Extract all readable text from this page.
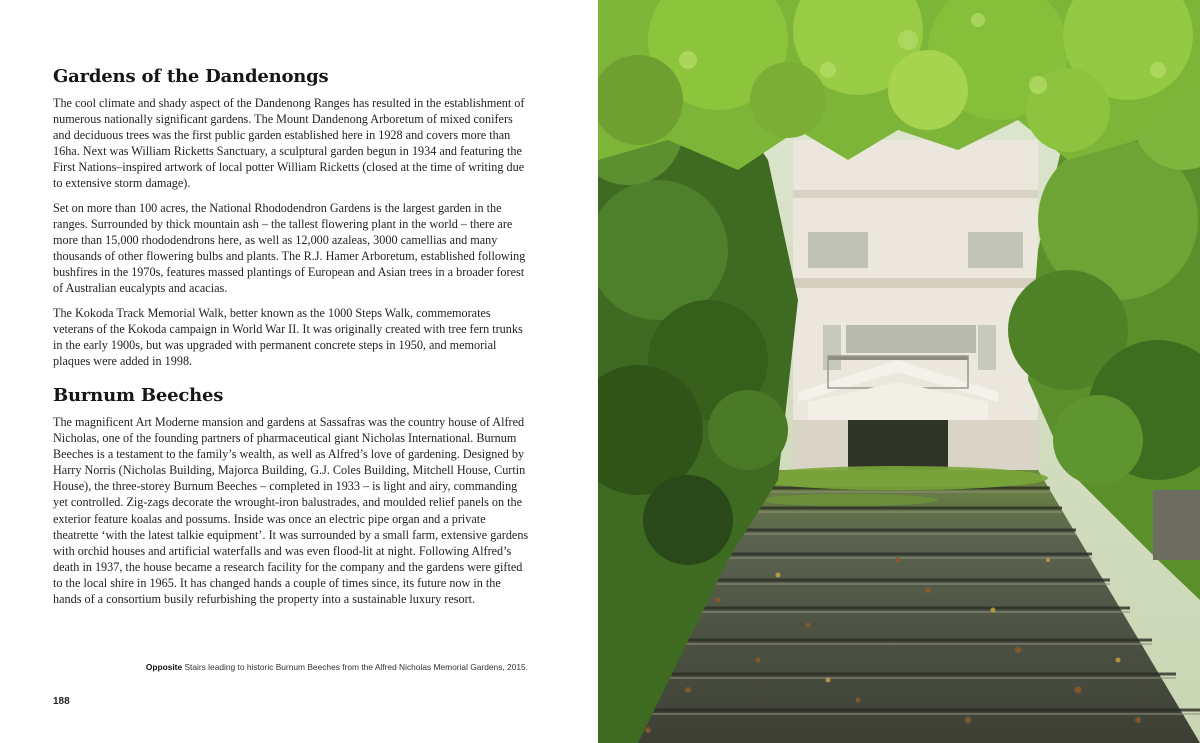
Gardens of the Dandenongs

The cool climate and shady aspect of the Dandenong Ranges has resulted in the establishment of numerous nationally significant gardens. The Mount Dandenong Arboretum of mixed conifers and deciduous trees was the first public garden established here in 1928 and covers more than 16ha. Next was William Ricketts Sanctuary, a sculptural garden begun in 1934 and featuring the First Nations–inspired artwork of local potter William Ricketts (closed at the time of writing due to extensive storm damage).

Set on more than 100 acres, the National Rhododendron Gardens is the largest garden in the ranges. Surrounded by thick mountain ash – the tallest flowering plant in the world – there are more than 15,000 rhododendrons here, as well as 12,000 azaleas, 3000 camellias and many thousands of other flowering bulbs and plants. The R.J. Hamer Arboretum, established following bushfires in the 1970s, features massed plantings of European and Asian trees in a broader forest of Australian eucalypts and acacias.

The Kokoda Track Memorial Walk, better known as the 1000 Steps Walk, commemorates veterans of the Kokoda campaign in World War II. It was originally created with tree fern trunks in the early 1900s, but was upgraded with permanent concrete steps in 1950, and memorial plaques were added in 1998.

Burnum Beeches

The magnificent Art Moderne mansion and gardens at Sassafras was the country house of Alfred Nicholas, one of the founding partners of pharmaceutical giant Nicholas International. Burnum Beeches is a testament to the family’s wealth, as well as Alfred’s love of gardening. Designed by Harry Norris (Nicholas Building, Majorca Building, G.J. Coles Building, Mitchell House, Curtin House), the three-storey Burnum Beeches – completed in 1933 – is light and airy, commanding yet controlled. Zig-zags decorate the wrought-iron balustrades, and moulded relief panels on the exterior feature koalas and possums. Inside was once an electric pipe organ and a private theatrette ‘with the latest talkie equipment’. It was surrounded by a small farm, extensive gardens with orchid houses and artificial waterfalls and was even flood-lit at night. Following Alfred’s death in 1937, the house became a research facility for the company and the gardens were gifted to the local shire in 1965. It has changed hands a couple of times since, its future now in the hands of a consortium busily refurbishing the property into a sustainable luxury resort.

Opposite Stairs leading to historic Burnum Beeches from the Alfred Nicholas Memorial Gardens, 2015.

188
